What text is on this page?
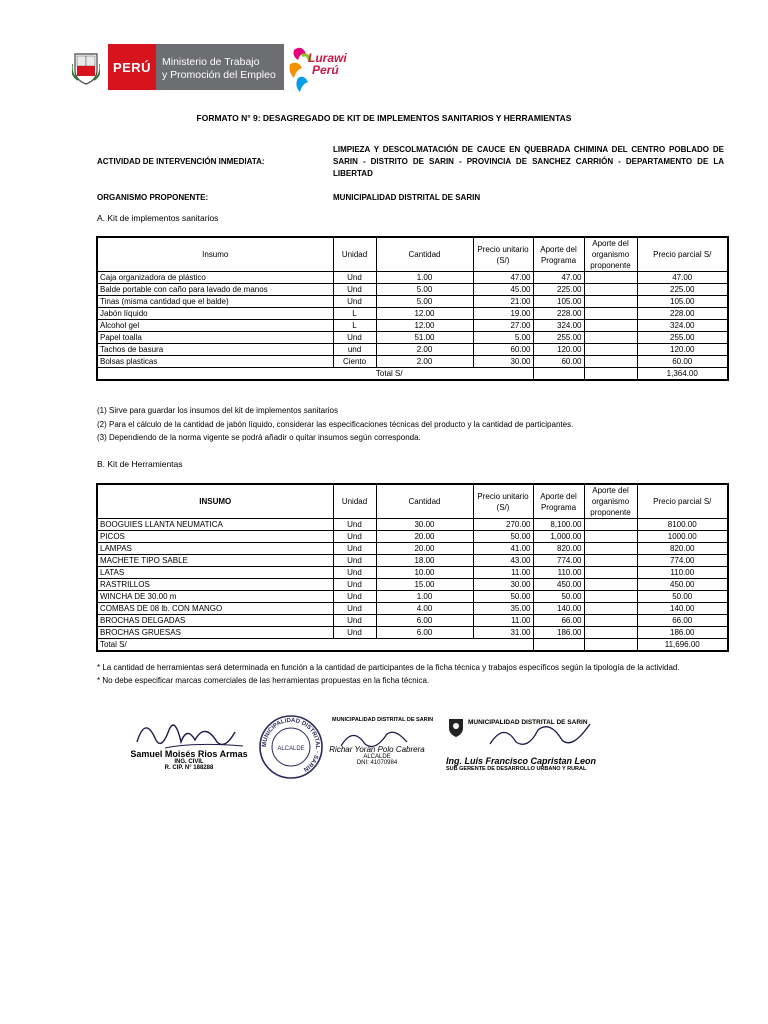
PERÚ	Ministerio de Trabajo
y Promoción del Empleo
Lurawi
Perú
FORMATO N° 9: DESAGREGADO DE KIT DE IMPLEMENTOS SANITARIOS Y HERRAMIENTAS
ACTIVIDAD DE INTERVENCIÓN INMEDIATA:
LIMPIEZA Y DESCOLMATACIÓN DE CAUCE EN QUEBRADA CHIMINA DEL CENTRO POBLADO DE SARIN - DISTRITO DE SARIN - PROVINCIA DE SANCHEZ CARRIÓN - DEPARTAMENTO DE LA LIBERTAD
ORGANISMO PROPONENTE:	MUNICIPALIDAD DISTRITAL DE SARIN
A. Kit de implementos sanitarios
Insumo	Unidad	Cantidad	Precio unitario (S/)	Aporte del Programa	Aporte del organismo proponente	Precio parcial S/
Caja organizadora de plástico	Und	1.00	47.00	47.00		47.00
Balde portable con caño para lavado de manos	Und	5.00	45.00	225.00		225.00
Tinas (misma cantidad que el balde)	Und	5.00	21.00	105.00		105.00
Jabón líquido	L	12.00	19.00	228.00		228.00
Alcohol gel	L	12.00	27.00	324.00		324.00
Papel toalla	Und	51.00	5.00	255.00		255.00
Tachos de basura	und	2.00	60.00	120.00		120.00
Bolsas plasticas	Ciento	2.00	30.00	60.00		60.00
Total S/						1,364.00
(1) Sirve para guardar los insumos del kit de implementos sanitarios
(2) Para el cálculo de la cantidad de jabón líquido, considerar las especificaciones técnicas del producto y la cantidad de participantes.
(3) Dependiendo de la norma vigente se podrá añadir o quitar insumos según corresponda.
B. Kit de Herramientas
INSUMO	Unidad	Cantidad	Precio unitario (S/)	Aporte del Programa	Aporte del organismo proponente	Precio parcial S/
BOOGUIES LLANTA NEUMATICA	Und	30.00	270.00	8,100.00		8100.00
PICOS	Und	20.00	50.00	1,000.00		1000.00
LAMPAS	Und	20.00	41.00	820.00		820.00
MACHETE TIPO SABLE	Und	18.00	43.00	774.00		774.00
LATAS	Und	10.00	11.00	110.00		110.00
RASTRILLOS	Und	15.00	30.00	450.00		450.00
WINCHA DE 30.00 m	Und	1.00	50.00	50.00		50.00
COMBAS DE 08 lb. CON MANGO	Und	4.00	35.00	140.00		140.00
BROCHAS DELGADAS	Und	6.00	11.00	66.00		66.00
BROCHAS GRUESAS	Und	6.00	31.00	186.00		186.00
Total S/						11,696.00
* La cantidad de herramientas será determinada en función a la cantidad de participantes de la ficha técnica y trabajos específicos según la tipología de la actividad.
* No debe especificar marcas comerciales de las herramientas propuestas en la ficha técnica.
Samuel Moisés Rios Armas
ING. CIVIL
R. CIP. N° 188288
MUNICIPALIDAD DISTRITAL · SARIN
ALCALDE
MUNICIPALIDAD DISTRITAL DE SARIN
Richar Yoran Polo Cabrera
ALCALDE
DNI: 41070984
MUNICIPALIDAD DISTRITAL DE SARIN
Ing. Luis Francisco Capristan Leon
SUB GERENTE DE DESARROLLO URBANO Y RURAL
